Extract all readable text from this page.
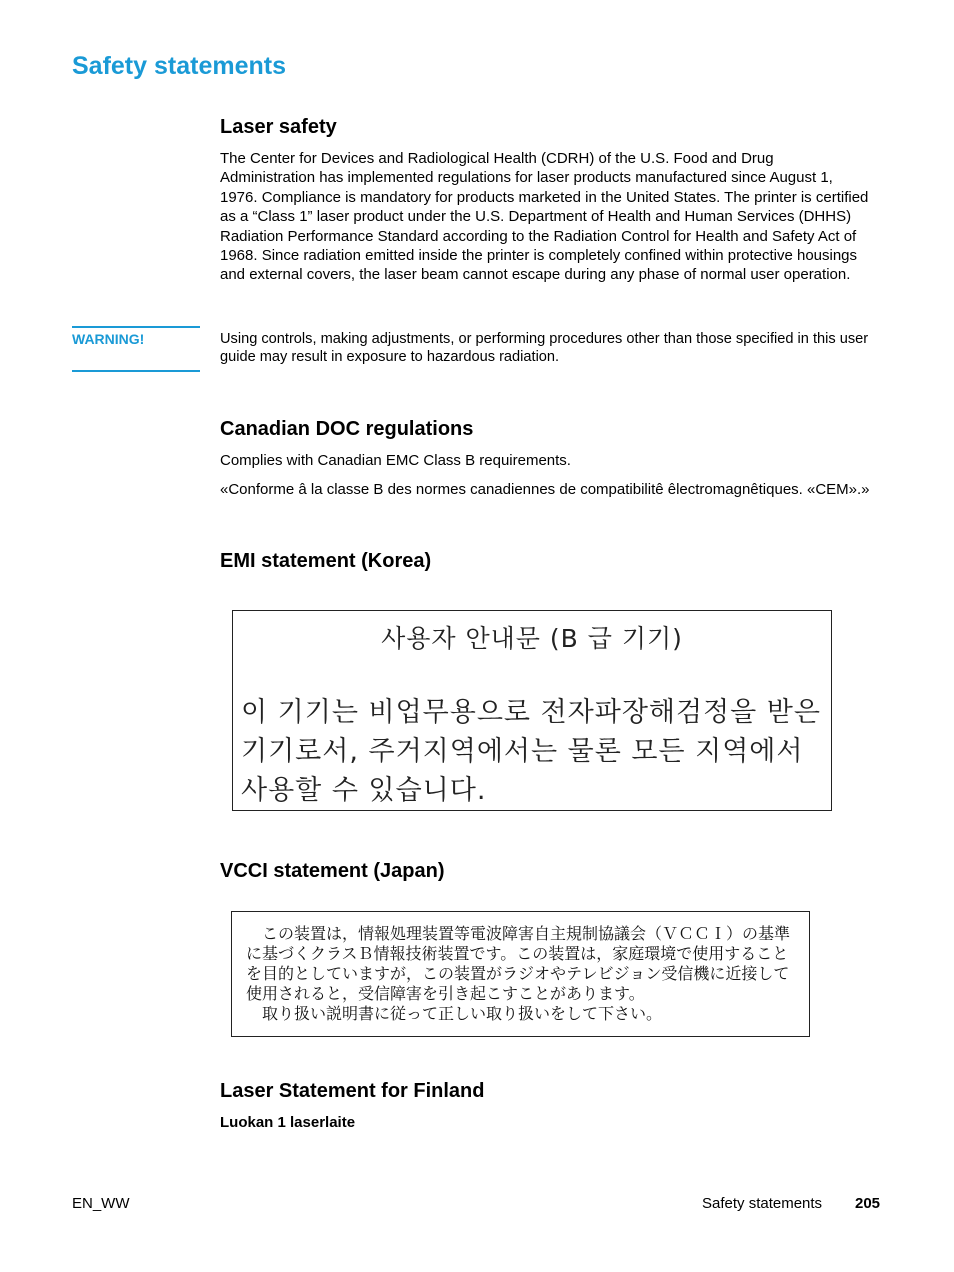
Safety statements
Laser safety

The Center for Devices and Radiological Health (CDRH) of the U.S. Food and Drug Administration has implemented regulations for laser products manufactured since August 1, 1976. Compliance is mandatory for products marketed in the United States. The printer is certified as a “Class 1” laser product under the U.S. Department of Health and Human Services (DHHS) Radiation Performance Standard according to the Radiation Control for Health and Safety Act of 1968. Since radiation emitted inside the printer is completely confined within protective housings and external covers, the laser beam cannot escape during any phase of normal user operation.

WARNING!	Using controls, making adjustments, or performing procedures other than those specified in this user guide may result in exposure to hazardous radiation.

Canadian DOC regulations

Complies with Canadian EMC Class B requirements.

«Conforme â la classe B des normes canadiennes de compatibilitê êlectromagnêtiques. «CEM».»

EMI statement (Korea)
사용자 안내문 (B 급 기기)
이 기기는 비업무용으로 전자파장해검정을 받은
기기로서, 주거지역에서는 물론 모든 지역에서
사용할 수 있습니다.
VCCI statement (Japan)
　この装置は，情報処理装置等電波障害自主規制協議会（ＶＣＣＩ）の基準
に基づくクラスＢ情報技術装置です。この装置は，家庭環境で使用すること
を目的としていますが，この装置がラジオやテレビジョン受信機に近接して
使用されると，受信障害を引き起こすことがあります。
　取り扱い説明書に従って正しい取り扱いをして下さい。
Laser Statement for Finland
Luokan 1 laserlaite
EN_WW	Safety statements 205
